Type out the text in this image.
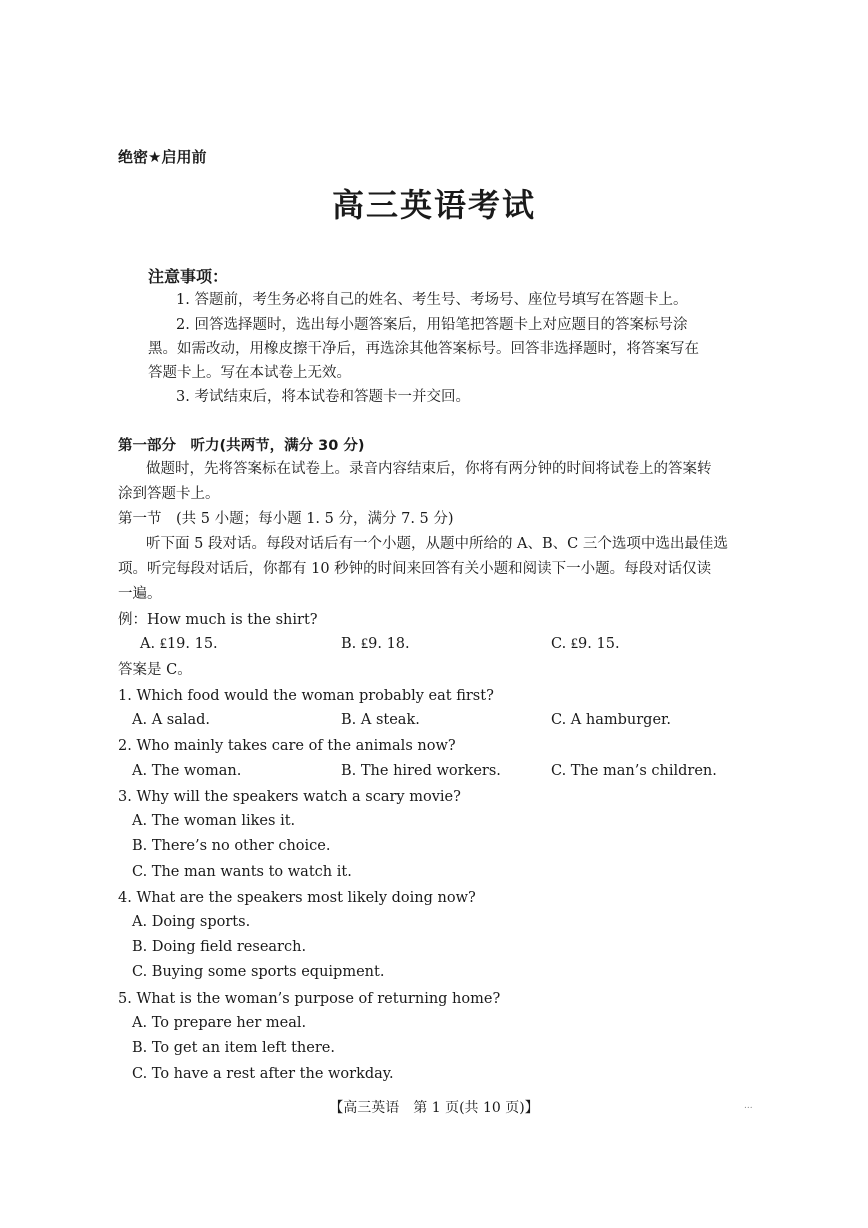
绝密★启用前
高三英语考试
注意事项：
1. 答题前，考生务必将自己的姓名、考生号、考场号、座位号填写在答题卡上。
2. 回答选择题时，选出每小题答案后，用铅笔把答题卡上对应题目的答案标号涂
黑。如需改动，用橡皮擦干净后，再选涂其他答案标号。回答非选择题时，将答案写在
答题卡上。写在本试卷上无效。
3. 考试结束后，将本试卷和答题卡一并交回。
第一部分　听力(共两节，满分 30 分)
做题时，先将答案标在试卷上。录音内容结束后，你将有两分钟的时间将试卷上的答案转
涂到答题卡上。
第一节　(共 5 小题；每小题 1. 5 分，满分 7. 5 分)
听下面 5 段对话。每段对话后有一个小题，从题中所给的 A、B、C 三个选项中选出最佳选
项。听完每段对话后，你都有 10 秒钟的时间来回答有关小题和阅读下一小题。每段对话仅读
一遍。
例：How much is the shirt?
A. ₤19. 15.	B. ₤9. 18.	C. ₤9. 15.
答案是 C。
1. Which food would the woman probably eat first?
A. A salad.	B. A steak.	C. A hamburger.
2. Who mainly takes care of the animals now?
A. The woman.	B. The hired workers.	C. The man’s children.
3. Why will the speakers watch a scary movie?
A. The woman likes it.
B. There’s no other choice.
C. The man wants to watch it.
4. What are the speakers most likely doing now?
A. Doing sports.
B. Doing field research.
C. Buying some sports equipment.
5. What is the woman’s purpose of returning home?
A. To prepare her meal.
B. To get an item left there.
C. To have a rest after the workday.
【高三英语　第 1 页(共 10 页)】	...
